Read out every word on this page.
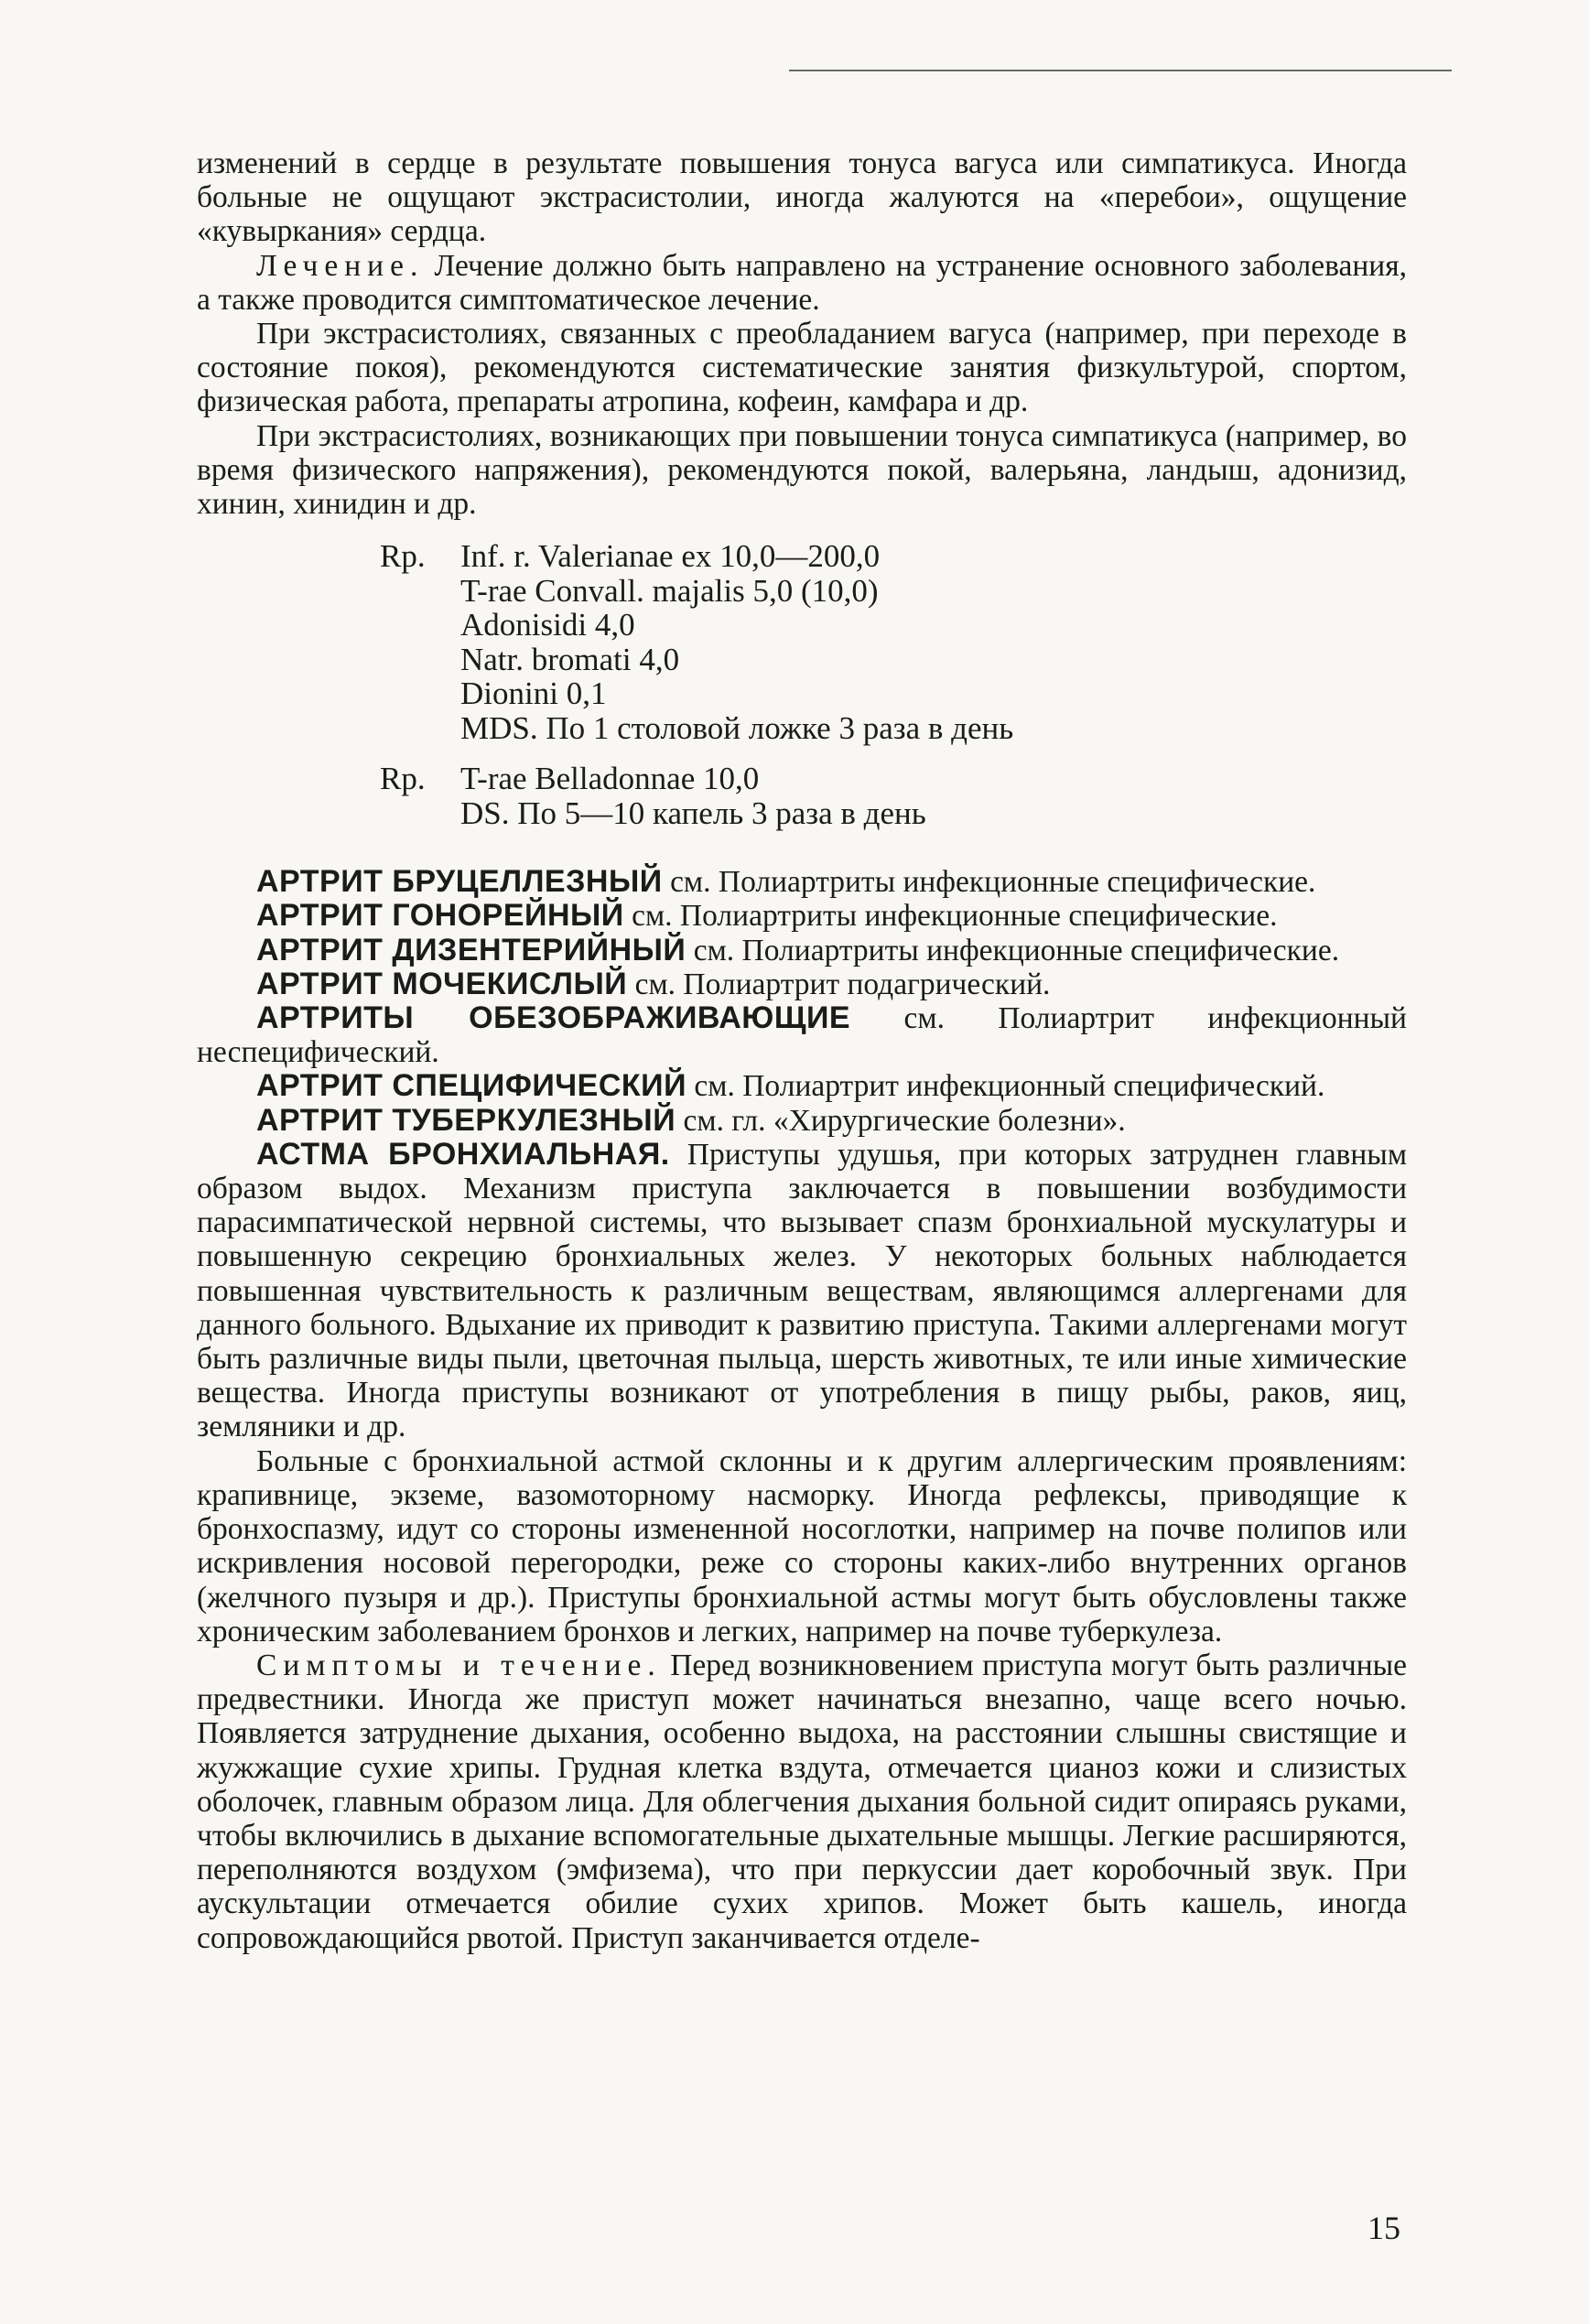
изменений в сердце в результате повышения тонуса вагуса или симпатикуса. Иногда больные не ощущают экстрасистолии, иногда жалуются на «перебои», ощущение «кувыркания» сердца.

Лечение. Лечение должно быть направлено на устранение основного заболевания, а также проводится симптоматическое лечение.

При экстрасистолиях, связанных с преобладанием вагуса (например, при переходе в состояние покоя), рекомендуются систематические занятия физкультурой, спортом, физическая работа, препараты атропина, кофеин, камфара и др.

При экстрасистолиях, возникающих при повышении тонуса симпатикуса (например, во время физического напряжения), рекомендуются покой, валерьяна, ландыш, адонизид, хинин, хинидин и др.

Rp.	Inf. r. Valerianae ex 10,0—200,0
T-rae Convall. majalis 5,0 (10,0)
Adonisidi 4,0
Natr. bromati 4,0
Dionini 0,1
MDS. По 1 столовой ложке 3 раза в день
Rp.	T-rae Belladonnae 10,0
DS. По 5—10 капель 3 раза в день

АРТРИТ БРУЦЕЛЛЕЗНЫЙ см. Полиартриты инфекционные специфические.

АРТРИТ ГОНОРЕЙНЫЙ см. Полиартриты инфекционные специфические.

АРТРИТ ДИЗЕНТЕРИЙНЫЙ см. Полиартриты инфекционные специфические.

АРТРИТ МОЧЕКИСЛЫЙ см. Полиартрит подагрический.

АРТРИТЫ ОБЕЗОБРАЖИВАЮЩИЕ см. Полиартрит инфекционный неспецифический.

АРТРИТ СПЕЦИФИЧЕСКИЙ см. Полиартрит инфекционный специфический.

АРТРИТ ТУБЕРКУЛЕЗНЫЙ см. гл. «Хирургические болезни».

АСТМА БРОНХИАЛЬНАЯ. Приступы удушья, при которых затруднен главным образом выдох. Механизм приступа заключается в повышении возбудимости парасимпатической нервной системы, что вызывает спазм бронхиальной мускулатуры и повышенную секрецию бронхиальных желез. У некоторых больных наблюдается повышенная чувствительность к различным веществам, являющимся аллергенами для данного больного. Вдыхание их приводит к развитию приступа. Такими аллергенами могут быть различные виды пыли, цветочная пыльца, шерсть животных, те или иные химические вещества. Иногда приступы возникают от употребления в пищу рыбы, раков, яиц, земляники и др.

Больные с бронхиальной астмой склонны и к другим аллергическим проявлениям: крапивнице, экземе, вазомоторному насморку. Иногда рефлексы, приводящие к бронхоспазму, идут со стороны измененной носоглотки, например на почве полипов или искривления носовой перегородки, реже со стороны каких-либо внутренних органов (желчного пузыря и др.). Приступы бронхиальной астмы могут быть обусловлены также хроническим заболеванием бронхов и легких, например на почве туберкулеза.

Симптомы и течение. Перед возникновением приступа могут быть различные предвестники. Иногда же приступ может начинаться внезапно, чаще всего ночью. Появляется затруднение дыхания, особенно выдоха, на расстоянии слышны свистящие и жужжащие сухие хрипы. Грудная клетка вздута, отмечается цианоз кожи и слизистых оболочек, главным образом лица. Для облегчения дыхания больной сидит опираясь руками, чтобы включились в дыхание вспомогательные дыхательные мышцы. Легкие расширяются, переполняются воздухом (эмфизема), что при перкуссии дает коробочный звук. При аускультации отмечается обилие сухих хрипов. Может быть кашель, иногда сопровождающийся рвотой. Приступ заканчивается отделе-

15
